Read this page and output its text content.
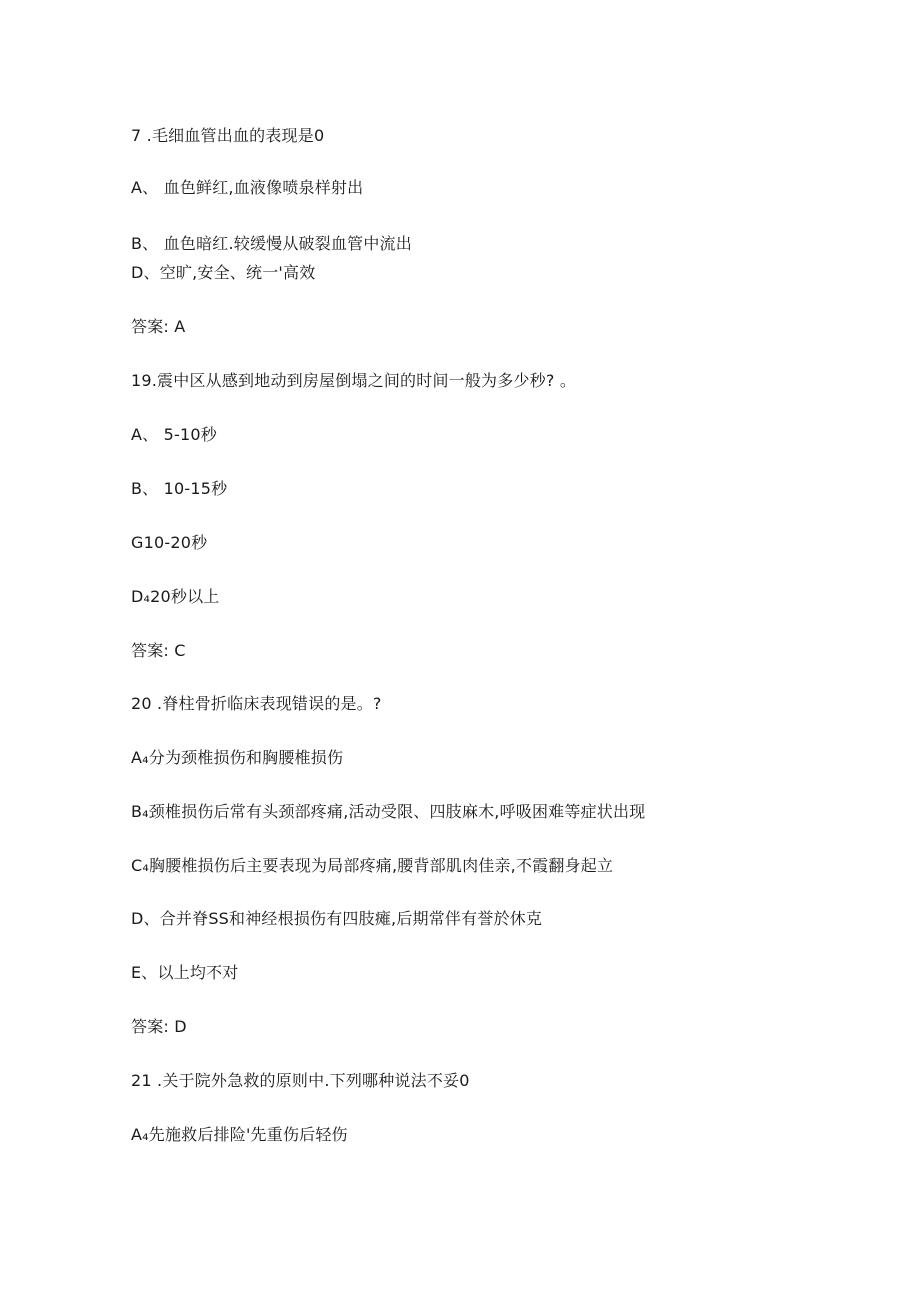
7 .毛细血管出血的表现是0
A、 血色鲜红,血液像喷泉样射出
B、 血色暗红.较缓慢从破裂血管中流出
D、空旷,安全、统一'高效
答案: A
19.震中区从感到地动到房屋倒塌之间的时间一般为多少秒? 。
A、 5-10秒
B、 10-15秒
G10-20秒
D₄20秒以上
答案: C
20 .脊柱骨折临床表现错误的是。?
A₄分为颈椎损伤和胸腰椎损伤
B₄颈椎损伤后常有头颈部疼痛,活动受限、四肢麻木,呼吸困难等症状出现
C₄胸腰椎损伤后主要表现为局部疼痛,腰背部肌肉佳亲,不霞翻身起立
D、合并脊SS和神经根损伤有四肢瘫,后期常伴有誉於休克
E、以上均不对
答案: D
21 .关于院外急救的原则中.下列哪种说法不妥0
A₄先施救后排险'先重伤后轻伤
